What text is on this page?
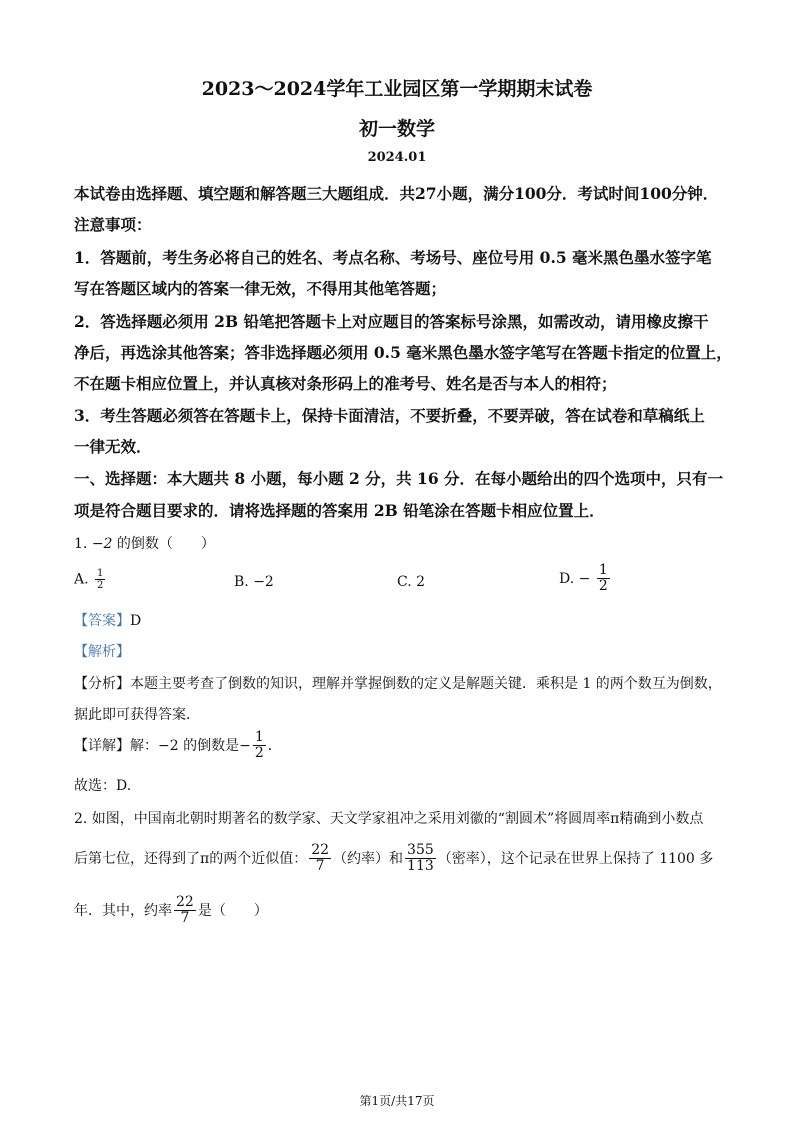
2023～2024学年工业园区第一学期期末试卷
初一数学
2024.01
本试卷由选择题、填空题和解答题三大题组成．共27小题，满分100分．考试时间100分钟．
注意事项：
1．答题前，考生务必将自己的姓名、考点名称、考场号、座位号用 0.5 毫米黑色墨水签字笔
写在答题区域内的答案一律无效，不得用其他笔答题；
2．答选择题必须用 2B 铅笔把答题卡上对应题目的答案标号涂黑，如需改动，请用橡皮擦干
净后，再选涂其他答案；答非选择题必须用 0.5 毫米黑色墨水签字笔写在答题卡指定的位置上，
不在题卡相应位置上，并认真核对条形码上的准考号、姓名是否与本人的相符；
3．考生答题必须答在答题卡上，保持卡面清洁，不要折叠，不要弄破，答在试卷和草稿纸上
一律无效．
一、选择题：本大题共 8 小题，每小题 2 分，共 16 分．在每小题给出的四个选项中，只有一
项是符合题目要求的．请将选择题的答案用 2B 铅笔涂在答题卡相应位置上．
1. −2 的倒数（　　）
A. $\frac{1}{2}$	B. −2	C. 2	D. − $\frac{1}{2}$
【答案】D
【解析】
【分析】本题主要考查了倒数的知识，理解并掌握倒数的定义是解题关键．乘积是 1 的两个数互为倒数，
据此即可获得答案．
【详解】解：−2 的倒数是− $\frac{1}{2}$ ．
故选：D.
2. 如图，中国南北朝时期著名的数学家、天文学家祖冲之采用刘徽的“割圆术”将圆周率π精确到小数点
后第七位，还得到了π的两个近似值： $\frac{22}{7}$ （约率）和 $\frac{355}{113}$ （密率），这个记录在世界上保持了 1100 多
年．其中，约率 $\frac{22}{7}$ 是（　　）
第1页/共17页
